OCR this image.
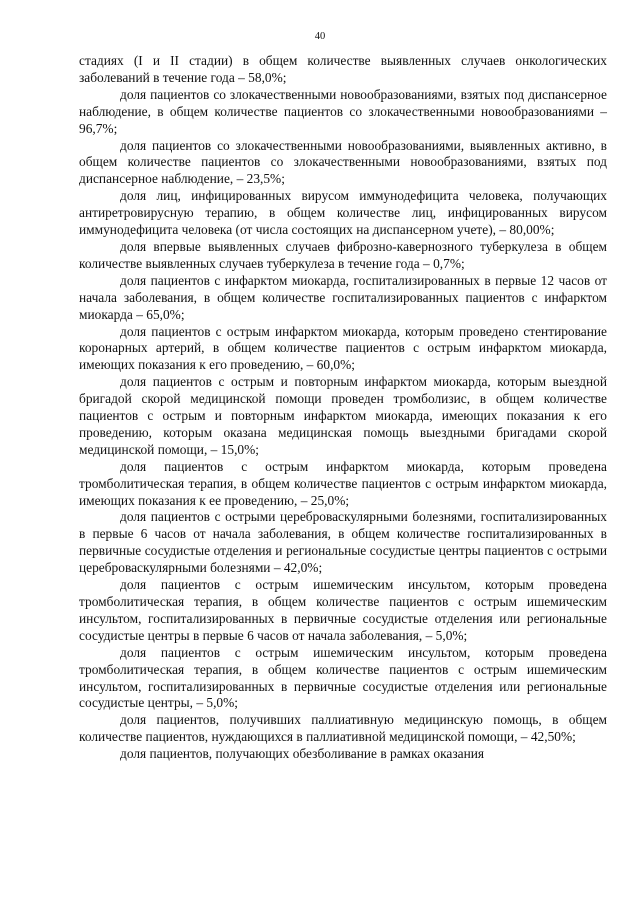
40

стадиях (I и II стадии) в общем количестве выявленных случаев онкологических заболеваний в течение года – 58,0%;

доля пациентов со злокачественными новообразованиями, взятых под диспансерное наблюдение, в общем количестве пациентов со злокачественными новообразованиями – 96,7%;

доля пациентов со злокачественными новообразованиями, выявленных активно, в общем количестве пациентов со злокачественными новообразованиями, взятых под диспансерное наблюдение, – 23,5%;

доля лиц, инфицированных вирусом иммунодефицита человека, получающих антиретровирусную терапию, в общем количестве лиц, инфицированных вирусом иммунодефицита человека (от числа состоящих на диспансерном учете), – 80,00%;

доля впервые выявленных случаев фиброзно-кавернозного туберкулеза в общем количестве выявленных случаев туберкулеза в течение года – 0,7%;

доля пациентов с инфарктом миокарда, госпитализированных в первые 12 часов от начала заболевания, в общем количестве госпитализированных пациентов с инфарктом миокарда – 65,0%;

доля пациентов с острым инфарктом миокарда, которым проведено стентирование коронарных артерий, в общем количестве пациентов с острым инфарктом миокарда, имеющих показания к его проведению, – 60,0%;

доля пациентов с острым и повторным инфарктом миокарда, которым выездной бригадой скорой медицинской помощи проведен тромболизис, в общем количестве пациентов с острым и повторным инфарктом миокарда, имеющих показания к его проведению, которым оказана медицинская помощь выездными бригадами скорой медицинской помощи, – 15,0%;

доля пациентов с острым инфарктом миокарда, которым проведена тромболитическая терапия, в общем количестве пациентов с острым инфарктом миокарда, имеющих показания к ее проведению, – 25,0%;

доля пациентов с острыми цереброваскулярными болезнями, госпитализированных в первые 6 часов от начала заболевания, в общем количестве госпитализированных в первичные сосудистые отделения и региональные сосудистые центры пациентов с острыми цереброваскулярными болезнями – 42,0%;

доля пациентов с острым ишемическим инсультом, которым проведена тромболитическая терапия, в общем количестве пациентов с острым ишемическим инсультом, госпитализированных в первичные сосудистые отделения или региональные сосудистые центры в первые 6 часов от начала заболевания, – 5,0%;

доля пациентов с острым ишемическим инсультом, которым проведена тромболитическая терапия, в общем количестве пациентов с острым ишемическим инсультом, госпитализированных в первичные сосудистые отделения или региональные сосудистые центры, – 5,0%;

доля пациентов, получивших паллиативную медицинскую помощь, в общем количестве пациентов, нуждающихся в паллиативной медицинской помощи, – 42,50%;

доля пациентов, получающих обезболивание в рамках оказания
